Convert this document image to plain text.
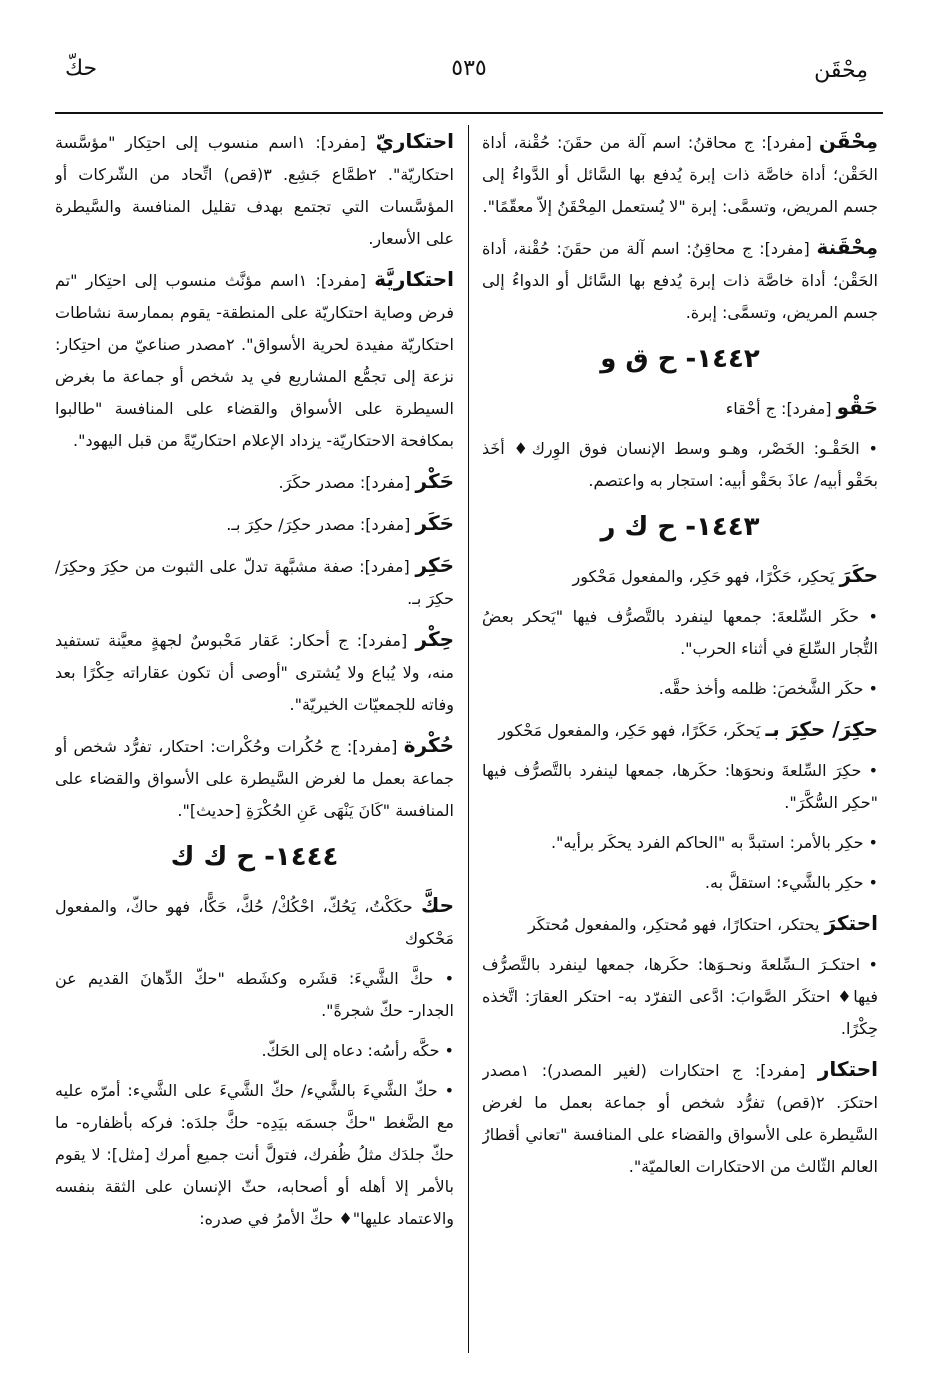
مِحْقَن
٥٣٥
حكّ

مِحْقَن [مفرد]: ج محاقنُ: اسم آلة من حقَنَ: حُقْنة، أداة الحَقْن؛ أداة خاصَّة ذات إبرة يُدفع بها السَّائل أو الدَّواءُ إلى جسم المريض، وتسمَّى: إبرة "لا يُستعمل المِحْقَنُ إلاّ معقّمًا".

مِحْقَنة [مفرد]: ج محاقِنُ: اسم آلة من حقَنَ: حُقْنة، أداة الحَقْن؛ أداة خاصَّة ذات إبرة يُدفع بها السَّائل أو الدواءُ إلى جسم المريض، وتسمَّى: إبرة.

١٤٤٢- ح ق و

حَقْو [مفرد]: ج أحْقاء

• الحَقْـو: الخَصْر، وهـو وسط الإنسان فوق الوِرك♦ أخَذ بحَقْو أبيه/ عاذَ بحَقْو أبيه: استجار به واعتصم.

١٤٤٣- ح ك ر

حكَرَ يَحكِر، حَكْرًا، فهو حَكِر، والمفعول مَحْكور

• حكَر السِّلعةَ: جمعها لينفرد بالتَّصرُّف فيها "يَحكر بعضُ التُّجار السِّلعَ في أثناء الحرب".

• حكَر الشَّخصَ: ظلمه وأخذ حقَّه.

حكِرَ/ حكِرَ بـ يَحكَر، حَكَرًا، فهو حَكِر، والمفعول مَحْكور

• حكِرَ السِّلعةَ ونحوَها: حكَرها، جمعها لينفرد بالتَّصرُّف فيها "حكِر السُّكَّرَ".

• حكِر بالأمر: استبدَّ به "الحاكم الفرد يحكَر برأيه".

• حكِر بالشَّيء: استقلَّ به.

احتكرَ يحتكر، احتكارًا، فهو مُحتكِر، والمفعول مُحتكَر

• احتكـرَ الـسِّلعةَ ونحـوَها: حكَرها، جمعها لينفرد بالتَّصرُّف فيها♦ احتكَر الصَّوابَ: ادَّعى التفرّد به- احتكر العقارَ: اتَّخذه حِكْرًا.

احتكار [مفرد]: ج احتكارات (لغير المصدر): ١مصدر احتكرَ. ٢(قص) تفرُّد شخص أو جماعة بعمل ما لغرض السَّيطرة على الأسواق والقضاء على المنافسة "تعاني أقطارُ العالم الثّالث من الاحتكارات العالميّة".

احتكاريّ [مفرد]: ١اسم منسوب إلى احتِكار "مؤسَّسة احتكاريّة". ٢طمَّاع جَشِع. ٣(قص) اتِّحاد من الشّركات أو المؤسَّسات التي تجتمع بهدف تقليل المنافسة والسَّيطرة على الأسعار.

احتكاريَّة [مفرد]: ١اسم مؤنَّث منسوب إلى احتِكار "تم فرض وصاية احتكاريّة على المنطقة- يقوم بممارسة نشاطات احتكاريّة مفيدة لحرية الأسواق". ٢مصدر صناعيّ من احتِكار: نزعة إلى تجمُّع المشاريع في يد شخص أو جماعة ما بغرض السيطرة على الأسواق والقضاء على المنافسة "طالبوا بمكافحة الاحتكاريّة- يزداد الإعلام احتكاريّةً من قبل اليهود".

حَكْر [مفرد]: مصدر حكَرَ.

حَكَر [مفرد]: مصدر حكِرَ/ حكِرَ بـ.

حَكِر [مفرد]: صفة مشبَّهة تدلّ على الثبوت من حكِرَ وحكِرَ/ حكِرَ بـ.

حِكْر [مفرد]: ج أحكار: عَقار مَحْبوسٌ لجهةٍ معيَّنة تستفيد منه، ولا يُباع ولا يُشترى "أوصى أن تكون عقاراته حِكْرًا بعد وفاته للجمعيّات الخيريّة".

حُكْرة [مفرد]: ج حُكُرات وحُكْرات: احتكار، تفرُّد شخص أو جماعة بعمل ما لغرض السَّيطرة على الأسواق والقضاء على المنافسة "كَانَ يَنْهَى عَنِ الحُكْرَةِ [حديث]".

١٤٤٤- ح ك ك

حكَّ حكَكْتُ، يَحُكّ، احْكُكْ/ حُكَّ، حَكًّا، فهو حاكّ، والمفعول مَحْكوك

• حكَّ الشَّيءَ: قشَره وكشَطه "حكّ الدِّهانَ القديم عن الجدار- حكّ شجرةً".

• حكَّه رأسُه: دعاه إلى الحَكّ.

• حكّ الشَّيءَ بالشَّيء/ حكّ الشَّيءَ على الشَّيء: أمرّه عليه مع الضَّغط "حكَّ جسمَه بيَدِه- حكَّ جلدَه: فركه بأظفاره- ما حكّ جلدَك مثلُ ظُفرك، فتولَّ أنت جميع أمرك [مثل]: لا يقوم بالأمر إلا أهله أو أصحابه، حثّ الإنسان على الثقة بنفسه والاعتماد عليها"♦ حكّ الأمرُ في صدره:
